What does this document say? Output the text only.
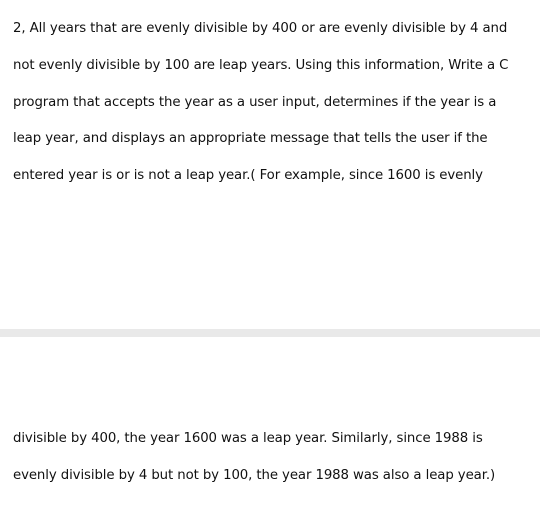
2, All years that are evenly divisible by 400 or are evenly divisible by 4 and
not evenly divisible by 100 are leap years. Using this information, Write a C
program that accepts the year as a user input, determines if the year is a
leap year, and displays an appropriate message that tells the user if the
entered year is or is not a leap year.( For example, since 1600 is evenly
divisible by 400, the year 1600 was a leap year. Similarly, since 1988 is
evenly divisible by 4 but not by 100, the year 1988 was also a leap year.)
